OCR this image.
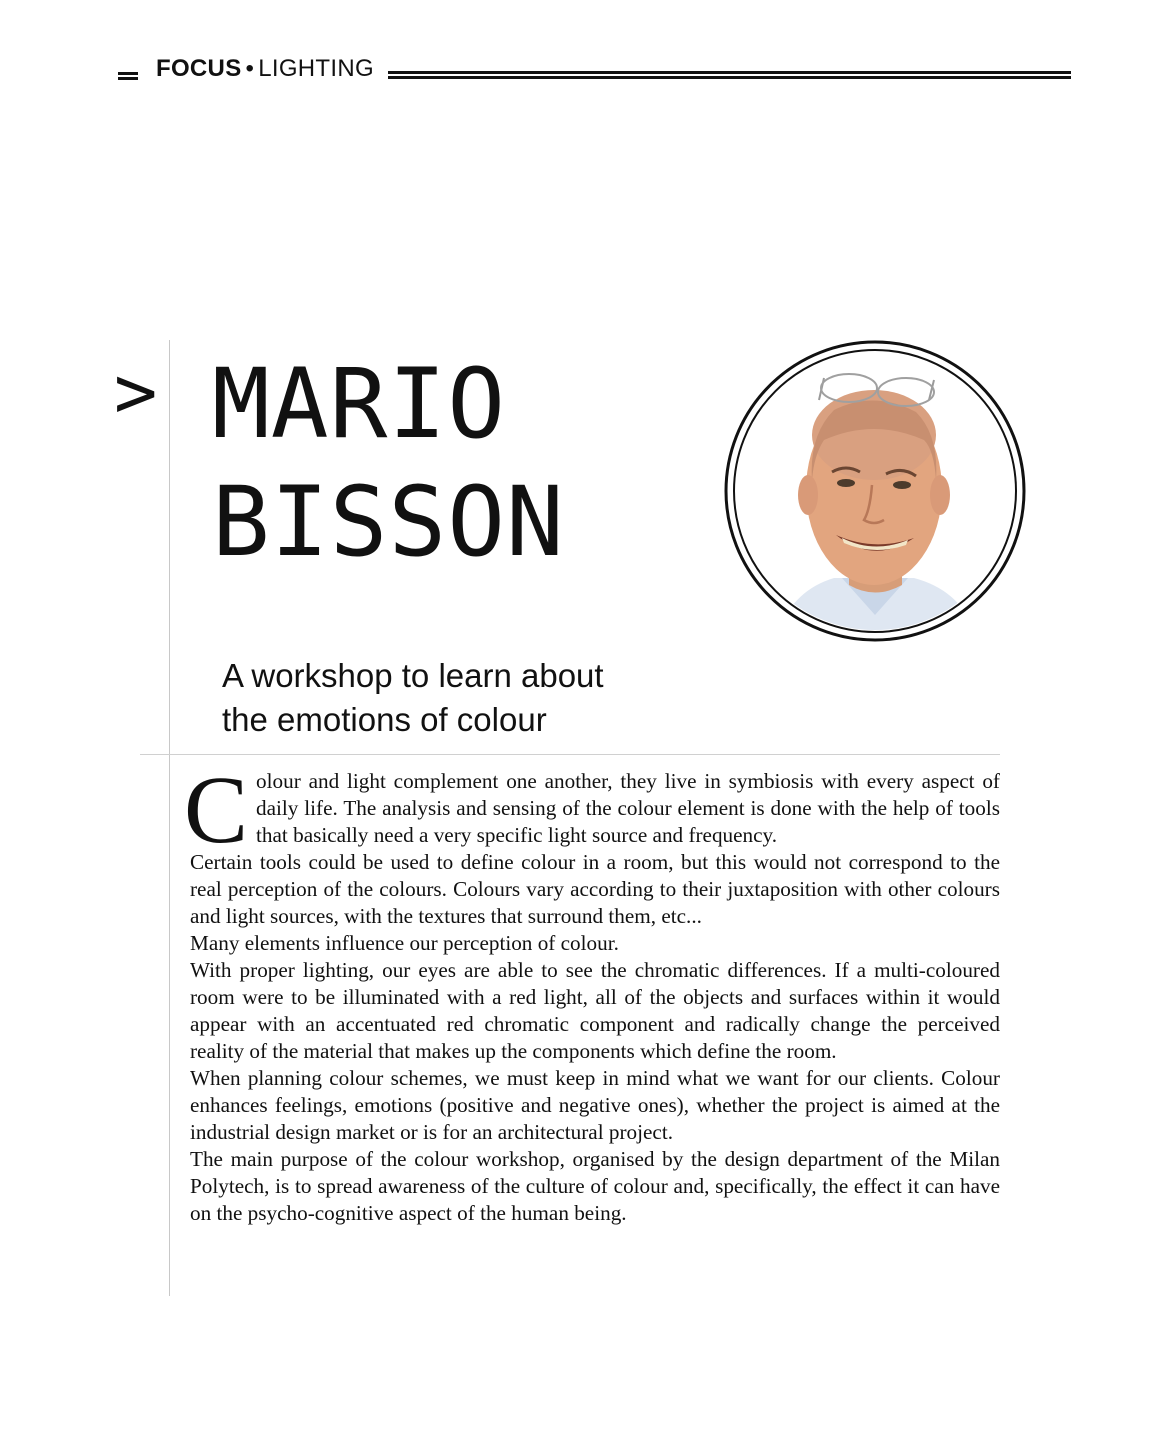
FOCUS • LIGHTING
> MARIO
BISSON
A workshop to learn about
the emotions of colour

Colour and light complement one another, they live in symbiosis with every aspect of daily life. The analysis and sensing of the colour element is done with the help of tools that basically need a very specific light source and frequency.

Certain tools could be used to define colour in a room, but this would not correspond to the real perception of the colours. Colours vary according to their juxtaposition with other colours and light sources, with the textures that surround them, etc...

Many elements influence our perception of colour.

With proper lighting, our eyes are able to see the chromatic differences. If a multi-coloured room were to be illuminated with a red light, all of the objects and surfaces within it would appear with an accentuated red chromatic component and radically change the perceived reality of the material that makes up the components which define the room.

When planning colour schemes, we must keep in mind what we want for our clients. Colour enhances feelings, emotions (positive and negative ones), whether the project is aimed at the industrial design market or is for an architectural project.

The main purpose of the colour workshop, organised by the design department of the Milan Polytech, is to spread awareness of the culture of colour and, specifically, the effect it can have on the psycho-cognitive aspect of the human being.
